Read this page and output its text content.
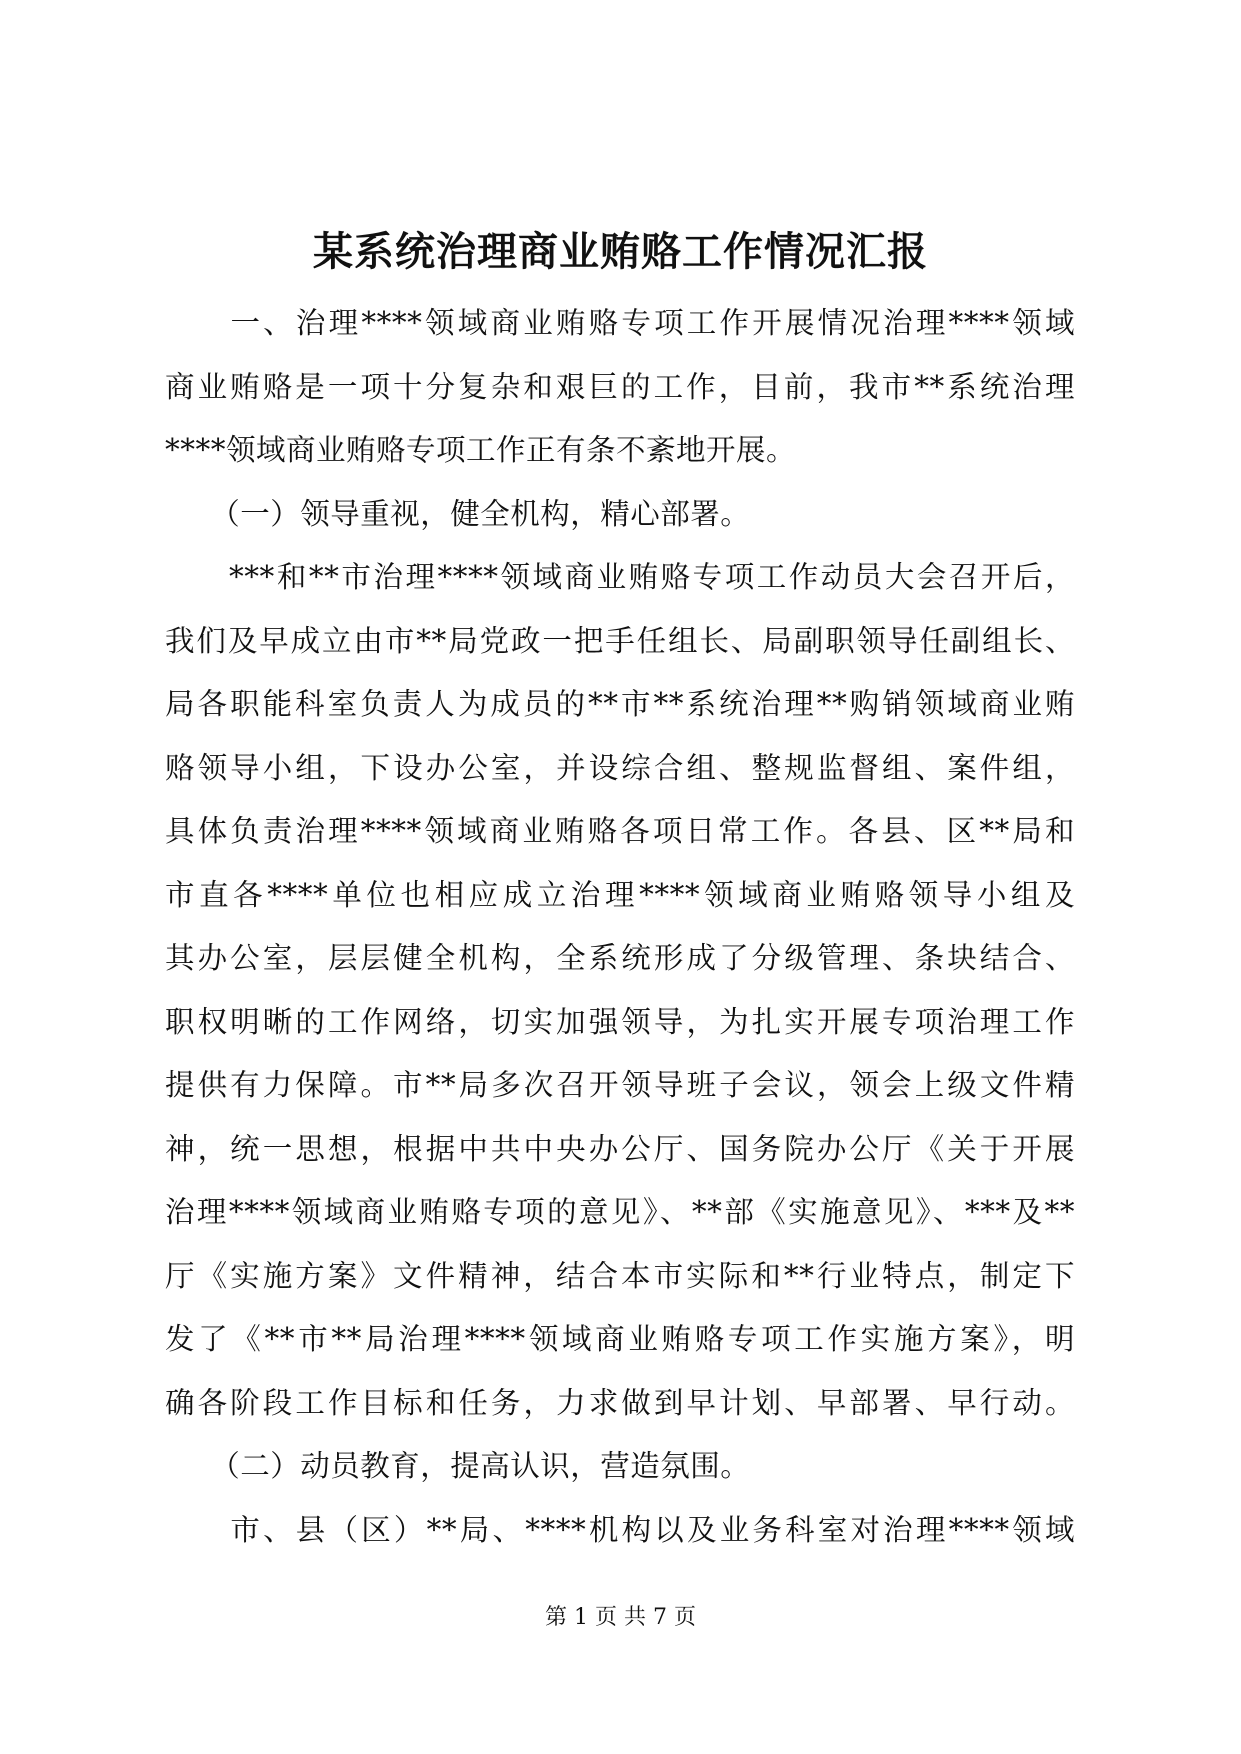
某系统治理商业贿赂工作情况汇报
　　一、治理****领域商业贿赂专项工作开展情况治理****领域
商业贿赂是一项十分复杂和艰巨的工作，目前，我市**系统治理
****领域商业贿赂专项工作正有条不紊地开展。
　　（一）领导重视，健全机构，精心部署。
　　***和**市治理****领域商业贿赂专项工作动员大会召开后，
我们及早成立由市**局党政一把手任组长、局副职领导任副组长、
局各职能科室负责人为成员的**市**系统治理**购销领域商业贿
赂领导小组，下设办公室，并设综合组、整规监督组、案件组，
具体负责治理****领域商业贿赂各项日常工作。各县、区**局和
市直各****单位也相应成立治理****领域商业贿赂领导小组及
其办公室，层层健全机构，全系统形成了分级管理、条块结合、
职权明晰的工作网络，切实加强领导，为扎实开展专项治理工作
提供有力保障。市**局多次召开领导班子会议，领会上级文件精
神，统一思想，根据中共中央办公厅、国务院办公厅《关于开展
治理****领域商业贿赂专项的意见》、**部《实施意见》、***及**
厅《实施方案》文件精神，结合本市实际和**行业特点，制定下
发了《**市**局治理****领域商业贿赂专项工作实施方案》，明
确各阶段工作目标和任务，力求做到早计划、早部署、早行动。
　　（二）动员教育，提高认识，营造氛围。
　　市、县（区）**局、****机构以及业务科室对治理****领域
第 1 页 共 7 页
